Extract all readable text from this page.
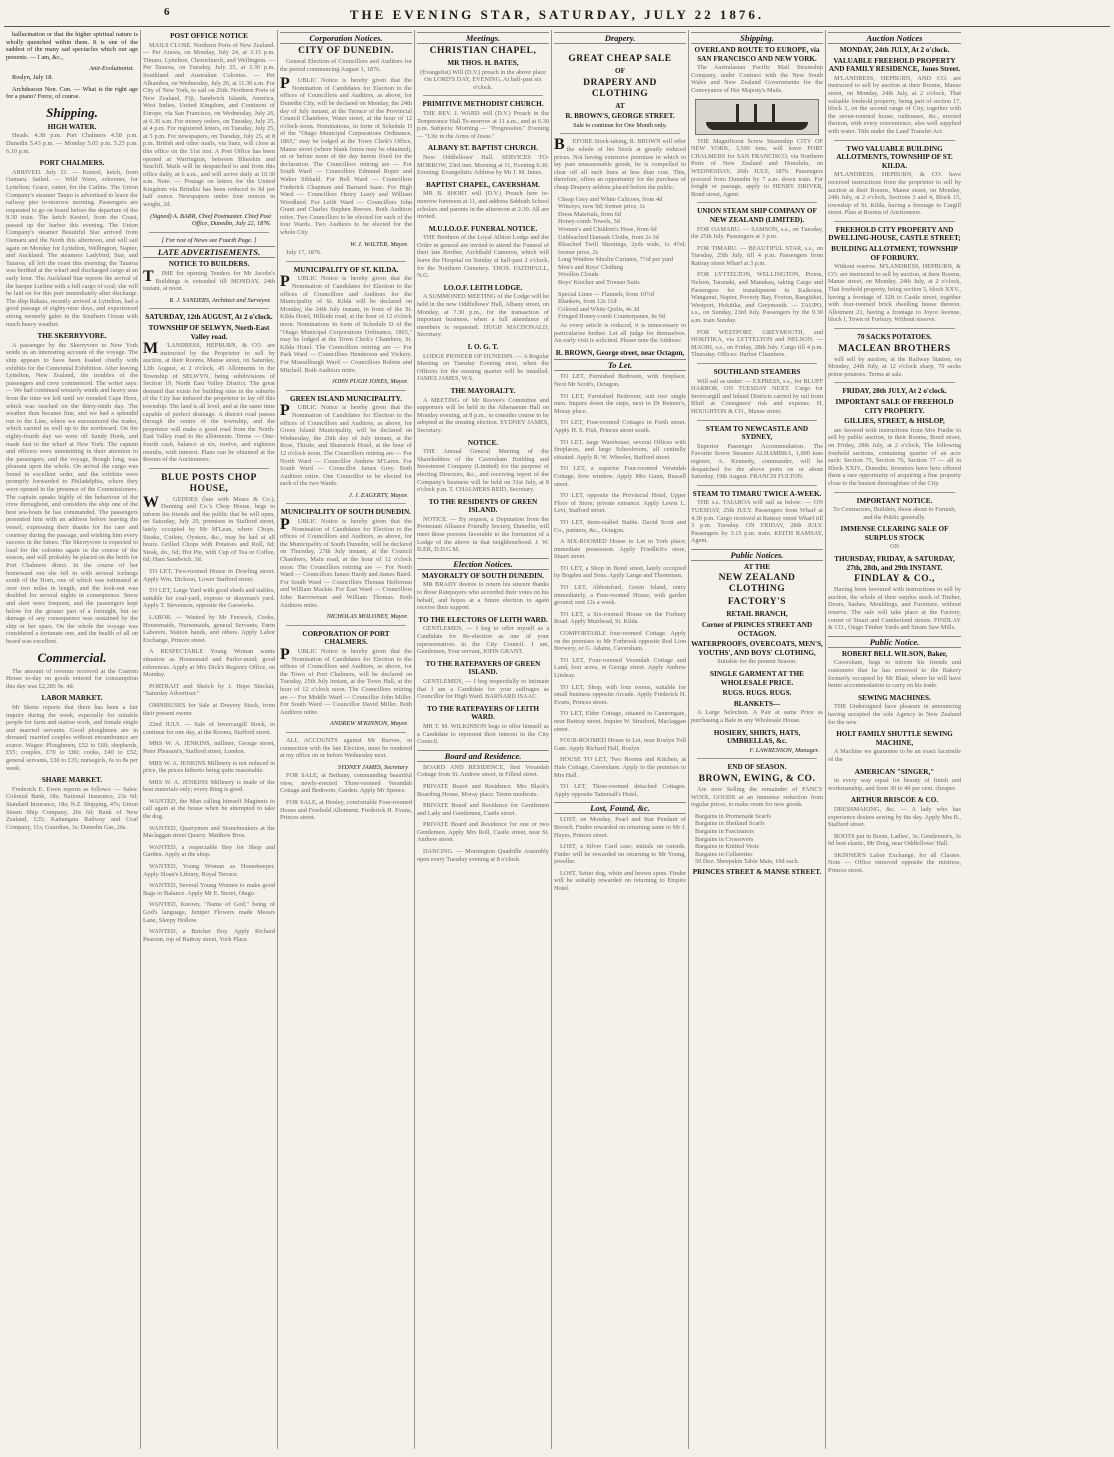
6	THE EVENING STAR, SATURDAY, JULY 22 1876.
hallucination or that the higher spiritual nature is wholly quenched within them. It is one of the saddest of the many sad spectacles which our age presents. — I am, &c.,
Anti-Evolutionist.
Roslyn, July 18.
Archdeacon Non. Con. — What is the right age for a piano? Force, of course.
Shipping.
HIGH WATER.
Heads. 4.38 p.m. Port Chalmers 4.58 p.m. Dunedin 5.43 p.m. — Monday 5.05 p.m. 5.25 p.m. 6.10 p.m.
PORT CHALMERS.
ARRIVED. July 21. — Kestrel, ketch, from Oamaru. Sailed. — Wild Wave, schooner, for Lyttelton; Grace, cutter, for the Catlins. The Union Company's steamer Taupo is advertised to leave the railway pier to-morrow morning. Passengers are requested to go on board before the departure of the 8.30 train. The ketch Kestrel, from the Coast, passed up the harbor this evening. The Union Company's steamer Beautiful Star arrived from Oamaru and the North this afternoon, and will sail again on Monday for Lyttelton, Wellington, Napier, and Auckland. The steamers Ladybird, Star, and Taiaroa, all left the coast this morning; the Taiaroa was berthed at the wharf and discharged cargo at an early hour. The Auckland Star reports the arrival of the barque Lurline with a full cargo of coal; she will be laid on for this port immediately after discharge. The ship Rakaia, recently arrived at Lyttelton, had a good passage of eighty-nine days, and experienced strong westerly gales in the Southern Ocean with much heavy weather.
THE SKERRYVORE.
A passenger by the Skerryvore to New York sends us an interesting account of the voyage. The ship appears to have been loaded chiefly with exhibits for the Centennial Exhibition. After leaving Lyttelton, New Zealand, the troubles of the passengers and crew commenced. The writer says: — We had continued westerly winds and heavy seas from the time we left until we rounded Cape Horn, which was reached on the thirty-ninth day. The weather then became fine, and we had a splendid run to the Line, where we encountered the trades, which carried us well up to the northward. On the eighty-fourth day we were off Sandy Hook, and made fast to the wharf at New York. The captain and officers were unremitting in their attention to the passengers, and the voyage, though long, was pleasant upon the whole. On arrival the cargo was found in excellent order, and the exhibits were promptly forwarded to Philadelphia, where they were opened in the presence of the Commissioners. The captain speaks highly of the behaviour of the crew throughout, and considers the ship one of the best sea-boats he has commanded. The passengers presented him with an address before leaving the vessel, expressing their thanks for his care and courtesy during the passage, and wishing him every success in the future. The Skerryvore is expected to load for the colonies again in the course of the season, and will probably be placed on the berth for Port Chalmers direct. In the course of her homeward run she fell in with several icebergs south of the Horn, one of which was estimated at over two miles in length, and the look-out was doubled for several nights in consequence. Snow and sleet were frequent, and the passengers kept below for the greater part of a fortnight, but no damage of any consequence was sustained by the ship or her spars. On the whole the voyage was considered a fortunate one, and the health of all on board was excellent.
Commercial.
The amount of revenue received at the Custom House to-day on goods entered for consumption this day was £2,285 9s. 4d.
LABOR MARKET.
Mr Skene reports that there has been a fair inquiry during the week, especially for suitable people for farm and station work, and female single and married servants. Good ploughmen are in demand; married couples without encumbrance are scarce. Wages: Ploughmen, £52 to £60; shepherds, £55; couples, £70 to £80; cooks, £40 to £52; general servants, £30 to £35; nursegirls, 6s to 8s per week.
SHARE MARKET.
Frederick E. Ewen reports as follows: — Sales: Colonial Bank, 18s; National Insurance, 23s 6d; Standard Insurance, 18s; N.Z. Shipping, 47s; Union Steam Ship Company, 26s 6d; Bank of New Zealand, £25; Kaitangata Railway and Coal Company, 11s; Guardian, 3s; Dunedin Gas, 26s.
POST OFFICE NOTICE
MAILS CLOSE. Northern Ports of New Zealand. — Per Arawa, on Monday, July 24, at 3.15 p.m. Timaru, Lyttelton, Christchurch, and Wellington. — Per Taiaroa, on Tuesday, July 25, at 3.30 p.m. Southland and Australian Colonies. — Per Alhambra, on Wednesday, July 26, at 11.30 a.m. For City of New York, to sail on 26th: Northern Ports of New Zealand, Fiji, Sandwich Islands, America, West Indies, United Kingdom, and Continent of Europe, via San Francisco, on Wednesday, July 26, at 6.30 a.m. For money orders, on Tuesday, July 25, at 4 p.m. For registered letters, on Tuesday, July 25, at 5 p.m. For newspapers, on Tuesday, July 25, at 8 p.m. British and other mails, via Suez, will close at this office on the 31st inst. A Post Office has been opened at Warrington, between Blueskin and Seacliff. Mails will be despatched to and from this office daily, at 6 a.m., and will arrive daily at 10.30 a.m. Note. — Postage on letters for the United Kingdom via Brindisi has been reduced to 9d per half ounce. Newspapers under four ounces in weight, 2d.
(Signed) A. BARR, Chief Postmaster. Chief Post Office, Dunedin, July 22, 1876.
[ For rest of News see Fourth Page. ]
LATE ADVERTISEMENTS.
NOTICE TO BUILDERS.
T IME for opening Tenders for Mr Jacobs's Buildings is extended till MONDAY, 24th instant, at noon.
R. J. SANDERS, Architect and Surveyor.
SATURDAY, 12th AUGUST, At 2 o'clock.
TOWNSHIP OF SELWYN, North-East Valley road.
M 'LANDRESS, HEPBURN, & CO. are instructed by the Proprietor to sell by auction, at their Rooms, Manse street, on Saturday, 12th August, at 2 o'clock, 45 Allotments in the Township of SELWYN, being subdivisions of Section 19, North East Valley District. The great demand that exists for building sites in the suburbs of the City has induced the proprietor to lay off this township. The land is all level, and at the same time capable of perfect drainage. A district road passes through the centre of the township, and the proprietor will make a good road from the North-East Valley road to the allotments. Terms — One-fourth cash, balance at six, twelve, and eighteen months, with interest. Plans can be obtained at the Rooms of the Auctioneers.
BLUE POSTS CHOP HOUSE,
W . GEDDES (late with Mears & Co.), Dunning and Co.'s Chop House, begs to inform his friends and the public that he will open, on Saturday, July 29, premises in Stafford street, lately occupied by Mr M'Lean, where Chops, Steaks, Cutlets, Oysters, &c., may be had at all hours. Grilled Chops with Potatoes and Roll, 6d; Steak, do., 6d; Hot Pie, with Cup of Tea or Coffee, 6d; Ham Sandwich, 3d.
TO LET, Two-roomed House in Dowling street. Apply Wm. Dickson, Lower Stafford street.
TO LET, Large Yard with good sheds and stables, suitable for coal-yard, express or drayman's yard. Apply T. Stevenson, opposite the Gasworks.
LABOR. — Wanted by Mr Fenwick, Cooks, Housemaids, Nursemaids, general Servants, Farm Laborers, Station hands, and others. Apply Labor Exchange, Princes street.
A RESPECTABLE Young Woman wants situation as Housemaid and Parlor-maid; good references. Apply at Mrs Dick's Registry Office, on Monday.
PORTRAIT and Sketch by J. Hope Sinclair, "Saturday Advertiser."
OMNIBUSES for Sale at Drayery Stock, from their present owner.
22nd JULY. — Sale of Invercargill Stock, to continue for one day, at the Rooms, Stafford street.
MRS W. A. JENKINS, milliner, George street, Peter Pleasant's, Stafford street, London.
MRS W. A. JENKINS Millinery is not reduced in price, the prices hitherto being quite reasonable.
MRS W. A. JENKINS Millinery is made of the best materials only; every thing is good.
WANTED, the Man calling himself Maginnis to call again at the house when he attempted to take the dog.
WANTED, Quarrymen and Stonebreakers at the Maclaggan street Quarry. Matthew Bros.
WANTED, a respectable Boy for Shop and Garden. Apply at the shop.
WANTED, Young Woman as Housekeeper. Apply Sloan's Library, Royal Terrace.
WANTED, Several Young Women to make good Bags or Balance. Apply Mr E. Street, Otago.
WANTED, Known, "Name of God," being of God's language, Juniper Flowers made Messrs Lane, Sleepy Hollow.
WANTED, a Butcher Boy. Apply Richard Pearson, top of Rattray street, York Place.
Corporation Notices.
CITY OF DUNEDIN.
General Election of Councillors and Auditors for the period commencing August 1, 1876.
P UBLIC Notice is hereby given that the Nomination of Candidates for Election to the offices of Councillors and Auditors, as above, for Dunedin City, will be declared on Monday, the 24th day of July instant, at the Terrace of the Provincial Council Chambers, Water street, at the hour of 12 o'clock noon. Nominations, in form of Schedule D of the "Otago Municipal Corporations Ordinance, 1865," may be lodged at the Town Clerk's Office, Manse street (where blank forms may be obtained), on or before noon of the day herein fixed for the declaration. The Councillors retiring are — For South Ward — Councillors Edmund Roper and Walter Sibbald. For Bell Ward — Councillors Frederick Chapman and Barnard Isaac. For High Ward — Councillors Henry Leary and William Woodland. For Leith Ward — Councillors John Grant and Charles Stephen Reeves. Both Auditors retire. Two Councillors to be elected for each of the four Wards. Two Auditors to be elected for the whole City.
W. J. WALTER, Mayor.
July 17, 1876.
MUNICIPALITY OF ST. KILDA.
P UBLIC Notice is hereby given that the Nomination of Candidates for Election to the offices of Councillors and Auditors for the Municipality of St. Kilda will be declared on Monday, the 24th July instant, in front of the St. Kilda Hotel, Hillside road, at the hour of 12 o'clock noon. Nominations in form of Schedule D of the "Otago Municipal Corporations Ordinance, 1865," may be lodged at the Town Clerk's Chambers, St. Kilda Hotel. The Councillors retiring are — For Park Ward — Councillors Henderson and Vickery. For Musselburgh Ward — Councillors Robins and Mitchell. Both Auditors retire.
JOHN PUGH JONES, Mayor.
GREEN ISLAND MUNICIPALITY.
P UBLIC Notice is hereby given that the Nomination of Candidates for Election to the offices of Councillors and Auditors, as above, for Green Island Municipality, will be declared on Wednesday, the 26th day of July instant, at the Rose, Thistle, and Shamrock Hotel, at the hour of 12 o'clock noon. The Councillors retiring are — For North Ward — Councillor Andrew M'Laren. For South Ward — Councillor James Grey. Both Auditors retire. One Councillor to be elected for each of the two Wards.
J. J. EAGERTY, Mayor.
MUNICIPALITY OF SOUTH DUNEDIN.
P UBLIC Notice is hereby given that the Nomination of Candidates for Election to the offices of Councillors and Auditors, as above, for the Municipality of South Dunedin, will be declared on Thursday, 27th July instant, at the Council Chambers, Main road, at the hour of 12 o'clock noon. The Councillors retiring are — For North Ward — Councillors James Hardy and James Baird. For South Ward — Councillors Thomas Heffernan and William Mackie. For East Ward — Councillors John Barrowman and William Thomas. Both Auditors retire.
NICHOLAS MOLONEY, Mayor.
CORPORATION OF PORT CHALMERS.
P UBLIC Notice is hereby given that the Nomination of Candidates for Election to the offices of Councillors and Auditors, as above, for the Town of Port Chalmers, will be declared on Tuesday, 25th July instant, at the Town Hall, at the hour of 12 o'clock noon. The Councillors retiring are — For Middle Ward — Councillor John Miller. For South Ward — Councillor David Miller. Both Auditors retire.
ANDREW M'KINNON, Mayor.
ALL ACCOUNTS against Mr Reeves, in connection with the late Election, must be rendered at my office on or before Wednesday next.
SYDNEY JAMES, Secretary
FOR SALE, at Bethany, commanding beautiful view, newly-erected Three-roomed Verandah Cottage and Bedroom, Garden. Apply Mr Spence.
FOR SALE, at Henley, comfortable Four-roomed House and Freehold Allotment. Frederick H. Evans, Princes street.
Meetings.
CHRISTIAN CHAPEL,
MR THOS. H. BATES,
(Evangelist) Will (D.V.) preach in the above place On LORD'S DAY, EVENING, At half-past six o'clock.
PRIMITIVE METHODIST CHURCH.
THE REV. J. WARD will (D.V.) Preach in the Temperance Hall To-morrow at 11 a.m., and at 6.30 p.m. Subjects: Morning — "Progression." Evening — "Life in the Arms of Jesus."
ALBANY ST. BAPTIST CHURCH.
New Oddfellows' Hall. SERVICES TO-MORROW, 23rd inst. Morning at 11, Evening 6.30. Evening: Evangelistic Address by Mr J. M. Innes.
BAPTIST CHAPEL, CAVERSHAM.
MR B. SHORT will (D.V.) Preach here to-morrow forenoon at 11, and address Sabbath School scholars and parents in the afternoon at 2.30. All are invited.
M.U.I.O.O.F. FUNERAL NOTICE.
THE Brethren of the Loyal Albion Lodge and the Order in general are invited to attend the Funeral of their late Brother, Archibald Cameron, which will leave the Hospital on Sunday at half-past 2 o'clock, for the Northern Cemetery. THOS. FAITHFULL, N.G.
I.O.O.F. LEITH LODGE.
A SUMMONED MEETING of the Lodge will be held in the new Oddfellows' Hall, Albany street, on Monday, at 7.30 p.m., for the transaction of important business, when a full attendance of members is requested. HUGH MACDONALD, Secretary.
I. O. G. T.
LODGE PIONEER OF DUNEDIN. — A Regular Meeting on Tuesday Evening next, when the Officers for the ensuing quarter will be installed. JAMES JAMES, W.S.
THE MAYORALTY.
A MEETING of Mr Reeves's Committee and supporters will be held in the Athenaeum Hall on Monday evening, at 8 p.m., to consider course to be adopted at the ensuing election. SYDNEY JAMES, Secretary.
NOTICE.
THE Annual General Meeting of the Shareholders of the Caversham Building and Investment Company (Limited) for the purpose of electing Directors, &c., and receiving report of the Company's business will be held on 31st July, at 8 o'clock p.m. T. CHALMERS REID, Secretary.
TO THE RESIDENTS OF GREEN ISLAND.
NOTICE. — By request, a Deputation from the Protestant Alliance Friendly Society, Dunedin, will meet those persons favorable to the formation of a Lodge of the above in that neighbourhood. J. W. ILER, D.D.G.M.
Election Notices.
MAYORALTY OF SOUTH DUNEDIN.
MR BRADY desires to return his sincere thanks to those Ratepayers who accorded their votes on his behalf, and hopes at a future election to again receive their support.
TO THE ELECTORS OF LEITH WARD.
GENTLEMEN, — I beg to offer myself as a Candidate for Re-election as one of your representatives in the City Council. I am, Gentlemen, Your servant, JOHN GRANT.
TO THE RATEPAYERS OF GREEN ISLAND.
GENTLEMEN, — I beg respectfully to intimate that I am a Candidate for your suffrages as Councillor for High Ward. BARNARD ISAAC.
TO THE RATEPAYERS OF LEITH WARD.
MR T. M. WILKINSON begs to offer himself as a Candidate to represent their interest in the City Council.
Board and Residence.
BOARD AND RESIDENCE, first Verandah Cottage from St. Andrew street, in Filleul street.
PRIVATE Board and Residence. Mrs Black's Boarding House, Moray place. Terms moderate.
PRIVATE Board and Residence for Gentlemen and Lady and Gentlemen, Castle street.
PRIVATE Board and Residence for one or two Gentlemen. Apply Mrs Roll, Castle street, near St. Andrew street.
DANCING. — Mornington Quadrille Assembly open every Tuesday evening at 8 o'clock.
Drapery.
GREAT CHEAP SALE
OF
DRAPERY AND CLOTHING
AT
R. BROWN'S, GEORGE STREET.
Sale to continue for One Month only.
B EFORE Stock-taking, R. BROWN will offer the whole of his Stock at greatly reduced prices. Not having extensive premises in which to lay past unseasonable goods, he is compelled to clear off all such lines at less than cost. This, therefore, offers an opportunity for the purchase of cheap Drapery seldom placed before the public.
Cheap Grey and White Calicoes, from 4d
Winceys, now 9d; former price, 1s
Dress Materials, from 6d
Honey-comb Towels, 5d
Women's and Children's Hose, from 6d
Unbleached Damask Cloths, from 2s 3d
Bleached Twill Sheetings, 2yds wide, 1s 4½d; former price, 2s
Long Window Muslin Curtains, 7½d per yard
Men's and Boys' Clothing
Woollen Clouds
Boys' Knicker and Trouser Suits
Special Lines — Flannels, from 10½d
Blankets, from 12s 11d
Colored and White Quilts, 4s 3d
Fringed Honey-comb Counterpanes, 8s 9d
As every article is reduced, it is unnecessary to particularise further. Let all judge for themselves. An early visit is solicited. Please note the Address:
R. BROWN, George street, near Octagon,
To Let.
TO LET, Furnished Bedroom, with fireplace. Next Mr Scott's, Octagon.
TO LET, Furnished Bedroom; suit two single men. Inquire down the steps, next to Dr Reimer's, Moray place.
TO LET, Four-roomed Cottages in Forth street. Apply H. S. Fish, Princes street south.
TO LET, large Warehouse, several Offices with fireplaces, and large Schoolroom, all centrally situated. Apply R. W. Wheeler, Stafford street.
TO LET, a superior Four-roomed Verandah Cottage, bow window. Apply Mrs Gunn, Russell street.
TO LET, opposite the Provincial Hotel, Upper Floor of Store; private entrance. Apply Lewis L. Levi, Stafford street.
TO LET, three-stalled Stable. David Scott and Co., painters, &c., Octagon.
A SIX-ROOMED House to Let in York place; immediate possession. Apply Friedlich's store, Stuart street.
TO LET, a Shop in Bond street, lately occupied by Bogden and Sons. Apply Lange and Thoneman.
TO LET, Abbotsford, Green Island, entry immediately, a Four-roomed House, with garden ground; rent 12s a week.
TO LET, a Six-roomed House on the Forbury Road. Apply Muirhead, St. Kilda.
COMFORTABLE four-roomed Cottage. Apply on the premises to Mr Forbrook opposite Red Lion Brewery, or G. Adams, Caversham.
TO LET, Four-roomed Verandah Cottage and Land, four acres, in George street. Apply Andrew Lindsay.
TO LET, Shop, with four rooms, suitable for small business opposite Arcade. Apply Frederick H. Evans, Princes street.
TO LET, Elder Cottage, situated in Cannongate, near Rattray street. Inquire W. Stratford, Maclaggan street.
FOUR-ROOMED House to Let, near Roslyn Toll Gate. Apply Richard Hall, Roslyn.
HOUSE TO LET, Two Rooms and Kitchen, at Hale Cottage, Caversham. Apply to the premises to Mrs Hall.
TO LET, Three-roomed detached Cottages. Apply opposite Tattersall's Hotel.
Lost, Found, &c.
LOST, on Monday, Pearl and Star Pendant of Brooch. Finder rewarded on returning same to Mr J. Hayes, Princes street.
LOST, a Silver Card case; initials on outside. Finder will be rewarded on returning to Mr Young, jeweller.
LOST, Setter dog, white and brown spots. Finder will be suitably rewarded on returning to Empire Hotel.
Shipping.
OVERLAND ROUTE TO EUROPE, via SAN FRANCISCO AND NEW YORK.
The Australasian Pacific Mail Steamship Company, under Contract with the New South Wales and New Zealand Governments for the Conveyance of Her Majesty's Mails.
THE Magnificent Screw Steamship CITY OF NEW YORK, 3,500 tons, will leave PORT CHALMERS for SAN FRANCISCO, via Northern Ports of New Zealand and Honolulu, on WEDNESDAY, 26th JULY, 1876. Passengers proceed from Dunedin by 7 a.m. down train. For freight or passage, apply to HENRY DRIVER, Bond street, Agent.
UNION STEAM SHIP COMPANY OF NEW ZEALAND (LIMITED).
FOR OAMARU. — SAMSON, s.s., on Tuesday, the 25th July. Passengers at 3 p.m.
FOR TIMARU. — BEAUTIFUL STAR, s.s., on Tuesday, 25th July, till 4 p.m. Passengers from Rattray street Wharf at 3 p.m.
FOR LYTTELTON, WELLINGTON, Picton, Nelson, Taranaki, and Manukau, taking Cargo and Passengers for transhipment to Kaikoura, Wanganui, Napier, Poverty Bay, Foxton, Rangitikei, Westport, Hokitika, and Greymouth. — TAUPO, s.s., on Sunday, 23rd July. Passengers by the 9.30 a.m. train Sunday.
FOR WESTPORT, GREYMOUTH, and HOKITIKA, via LYTTELTON and NELSON. — MAORI, s.s., on Friday, 28th July. Cargo till 4 p.m. Thursday. Offices: Harbor Chambers.
SOUTHLAND STEAMERS
Will sail as under: — EXPRESS, s.s., for BLUFF HARBOR, ON TUESDAY NEXT. Cargo for Invercargill and Inland Districts carried by rail from Bluff at Consignees' risk and expense. H. HOUGHTON & CO., Manse street.
STEAM TO NEWCASTLE AND SYDNEY,
Superior Passenger Accommodation. The Favorite Screw Steamer ALHAMBRA, 1,000 tons register, A. Kennedy, commander, will be despatched for the above ports on or about Saturday, 19th August. FRANCIS FULTON.
STEAM TO TIMARU TWICE A-WEEK.
THE s.s. TAIAROA will sail as below: — ON TUESDAY, 25th JULY. Passengers from Wharf at 4.30 p.m. Cargo received at Rattray street Wharf till 3 p.m. Tuesday. ON FRIDAY, 28th JULY. Passengers by 3.15 p.m. train. KEITH RAMSAY, Agent.
Public Notices.
AT THE
NEW ZEALAND CLOTHING
FACTORY'S
RETAIL BRANCH,
Corner of PRINCES STREET AND OCTAGON.
WATERPROOFS, OVERCOATS, MEN'S, YOUTHS', AND BOYS' CLOTHING,
Suitable for the present Season.
SINGLE GARMENT AT THE WHOLESALE PRICE.
RUGS. RUGS. RUGS.
BLANKETS—
A Large Selection. A Pair at same Price as purchasing a Bale in any Wholesale House.
HOSIERY, SHIRTS, HATS, UMBRELLAS, &c.
F. LAWRENSON, Manager.
END OF SEASON.
BROWN, EWING, & CO.
Are now Selling the remainder of FANCY WOOL GOODS at an immense reduction from regular prices, to make room for new goods.
Bargains in Promenade Scarfs
Bargains in Shetland Scarfs
Bargains in Fascinators
Bargains in Crossovers
Bargains in Knitted Vests
Bargains in Collarettes
50 Doz. Sheepskin Table Mats, 10d each.
PRINCES STREET & MANSE STREET.
Auction Notices
MONDAY, 24th JULY, At 2 o'clock.
VALUABLE FREEHOLD PROPERTY AND FAMILY RESIDENCE, Jones Street.
M'LANDRESS, HEPBURN, AND CO. are instructed to sell by auction at their Rooms, Manse street, on Monday, 24th July, at 2 o'clock, That valuable freehold property, being part of section 17, block 3, on the second range of City, together with the seven-roomed house, outhouses, &c., erected thereon, with every convenience, also well supplied with water. Title under the Land Transfer Act.
TWO VALUABLE BUILDING ALLOTMENTS, TOWNSHIP OF ST. KILDA.
M'LANDRESS, HEPBURN, & CO. have received instructions from the proprietor to sell by auction at their Rooms, Manse street, on Monday, 24th July, at 2 o'clock, Sections 3 and 4, Block 15, township of St. Kilda, having a frontage to Cargill street. Plan at Rooms of Auctioneers.
FREEHOLD CITY PROPERTY AND DWELLING-HOUSE, CASTLE STREET;
BUILDING ALLOTMENT, TOWNSHIP OF FORBURY.
Without reserve. M'LANDRESS, HEPBURN, & CO. are instructed to sell by auction, at their Rooms, Manse street, on Monday, 24th July, at 2 o'clock, That freehold property, being section 5, block XXV., having a frontage of 32ft to Castle street, together with four-roomed brick dwelling house thereon. Allotment 21, having a frontage to Joyce Avenue, block I, Town of Forbury. Without reserve.
70 SACKS POTATOES.
MACLEAN BROTHERS
will sell by auction, at the Railway Station, on Monday, 24th July, at 12 o'clock sharp, 70 sacks prime potatoes. Terms at sale.
FRIDAY, 28th JULY, At 2 o'clock.
IMPORTANT SALE OF FREEHOLD CITY PROPERTY.
GILLIES, STREET, & HISLOP,
are favored with instructions from Mrs Purdie to sell by public auction, in their Rooms, Bond street, on Friday, 28th July, at 2 o'clock, The following freehold sections, containing quarter of an acre each: Section 75, Section 76, Section 77 — all in Block XXIV., Dunedin. Investors have here offered them a rare opportunity of acquiring a fine property close to the busiest thoroughfare of the City.
IMPORTANT NOTICE.
To Contractors, Builders, those about to Furnish, and the Public generally.
IMMENSE CLEARING SALE OF SURPLUS STOCK
ON
THURSDAY, FRIDAY, & SATURDAY, 27th, 28th, and 29th INSTANT.
FINDLAY & CO.,
Having been favoured with instructions to sell by auction, the whole of their surplus stock of Timber, Doors, Sashes, Mouldings, and Furniture, without reserve. The sale will take place at the Factory, corner of Stuart and Cumberland streets. FINDLAY & CO., Otago Timber Yards and Steam Saw Mills.
Public Notice.
ROBERT BELL WILSON, Baker,
Caversham, begs to inform his friends and customers that he has removed to the Bakery formerly occupied by Mr Blair, where he will have better accommodation to carry on his trade.
SEWING MACHINES.
THE Undersigned have pleasure in announcing having accepted the sole Agency in New Zealand for the new
HOLT FAMILY SHUTTLE SEWING MACHINE,
A Machine we guarantee to be an exact facsimile of the
AMERICAN "SINGER,"
in every way equal for beauty of finish and workmanship, and from 30 to 40 per cent. cheaper.
ARTHUR BRISCOE & CO.
DRESSMAKING, &c. — A lady who has experience desires sewing by the day. Apply Mrs B., Stafford street.
BOOTS put in Boots, Ladies', 3s; Gentlemen's, 3s 6d best elastic, Mr Doig, near Oddfellows' Hall.
SKINNER'S Labor Exchange, for all Classes. Note — Office removed opposite the mistress, Princes street.
